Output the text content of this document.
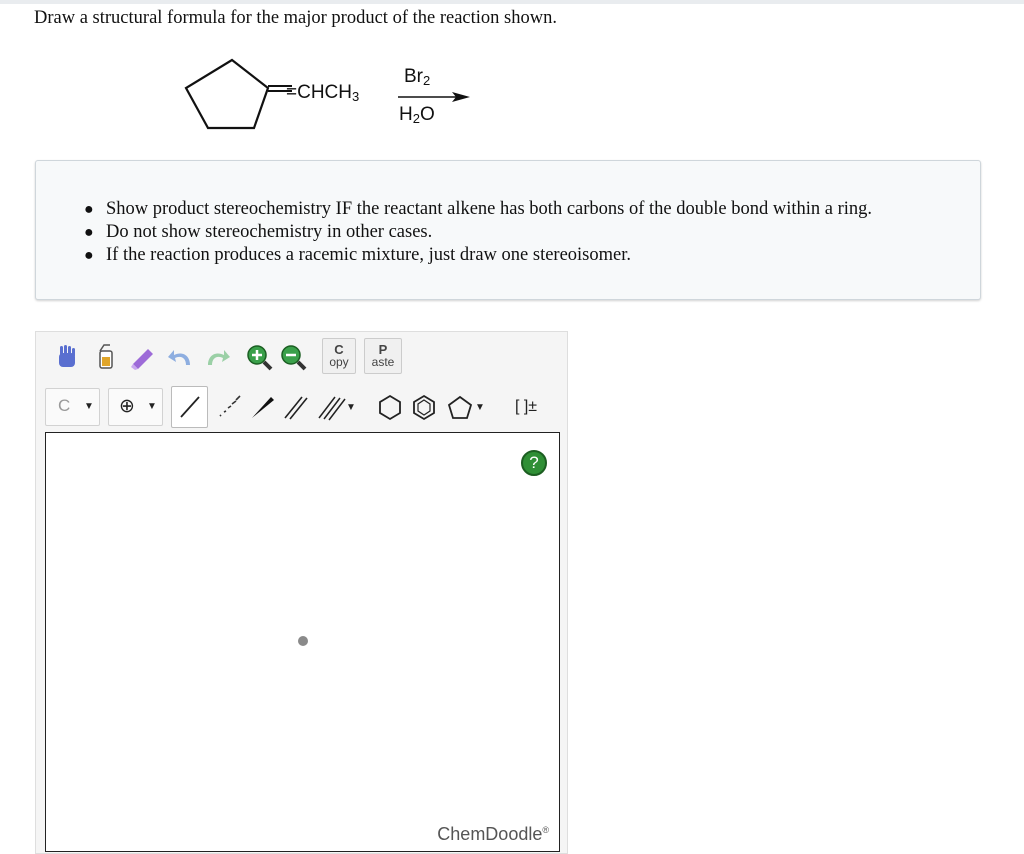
Draw a structural formula for the major product of the reaction shown.
$=CHCH_3$
$Br_2$
$H_2O$
● Show product stereochemistry IF the reactant alkene has both carbons of the double bond within a ring.
● Do not show stereochemistry in other cases.
● If the reaction produces a racemic mixture, just draw one stereoisomer.
C
opy
P
aste
C ▼ ⊕ ▼	▼	▼	[ ]±
?
ChemDoodle®
